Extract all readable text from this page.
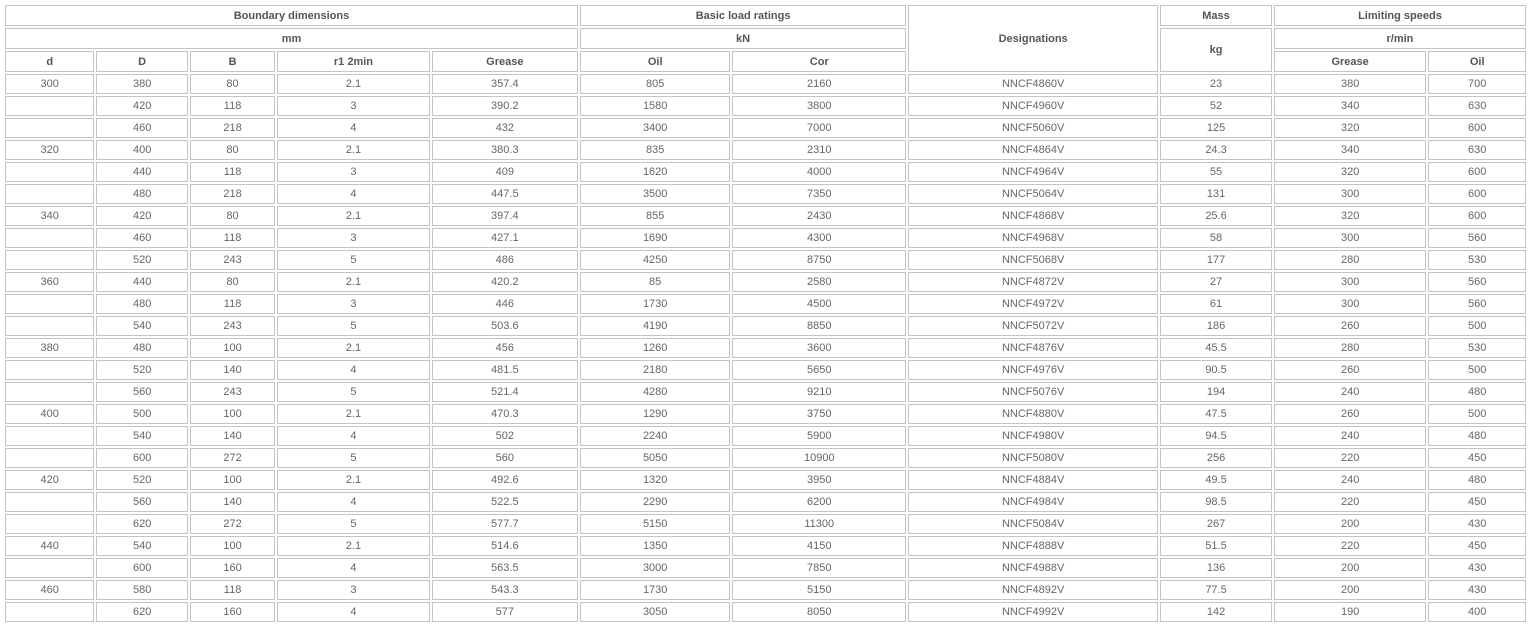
Boundary dimensions					Basic load ratings		Designations	Mass	Limiting speeds	
mm					kN			kg	r/min	
d	D	B	r1 2min	Grease	Oil	Cor			Grease	Oil
300	380	80	2.1	357.4	805	2160	NNCF4860V	23	380	700
	420	118	3	390.2	1580	3800	NNCF4960V	52	340	630
	460	218	4	432	3400	7000	NNCF5060V	125	320	600
320	400	80	2.1	380.3	835	2310	NNCF4864V	24.3	340	630
	440	118	3	409	1620	4000	NNCF4964V	55	320	600
	480	218	4	447.5	3500	7350	NNCF5064V	131	300	600
340	420	80	2.1	397.4	855	2430	NNCF4868V	25.6	320	600
	460	118	3	427.1	1690	4300	NNCF4968V	58	300	560
	520	243	5	486	4250	8750	NNCF5068V	177	280	530
360	440	80	2.1	420.2	85	2580	NNCF4872V	27	300	560
	480	118	3	446	1730	4500	NNCF4972V	61	300	560
	540	243	5	503.6	4190	8850	NNCF5072V	186	260	500
380	480	100	2.1	456	1260	3600	NNCF4876V	45.5	280	530
	520	140	4	481.5	2180	5650	NNCF4976V	90.5	260	500
	560	243	5	521.4	4280	9210	NNCF5076V	194	240	480
400	500	100	2.1	470.3	1290	3750	NNCF4880V	47.5	260	500
	540	140	4	502	2240	5900	NNCF4980V	94.5	240	480
	600	272	5	560	5050	10900	NNCF5080V	256	220	450
420	520	100	2.1	492.6	1320	3950	NNCF4884V	49.5	240	480
	560	140	4	522.5	2290	6200	NNCF4984V	98.5	220	450
	620	272	5	577.7	5150	11300	NNCF5084V	267	200	430
440	540	100	2.1	514.6	1350	4150	NNCF4888V	51.5	220	450
	600	160	4	563.5	3000	7850	NNCF4988V	136	200	430
460	580	118	3	543.3	1730	5150	NNCF4892V	77.5	200	430
	620	160	4	577	3050	8050	NNCF4992V	142	190	400
